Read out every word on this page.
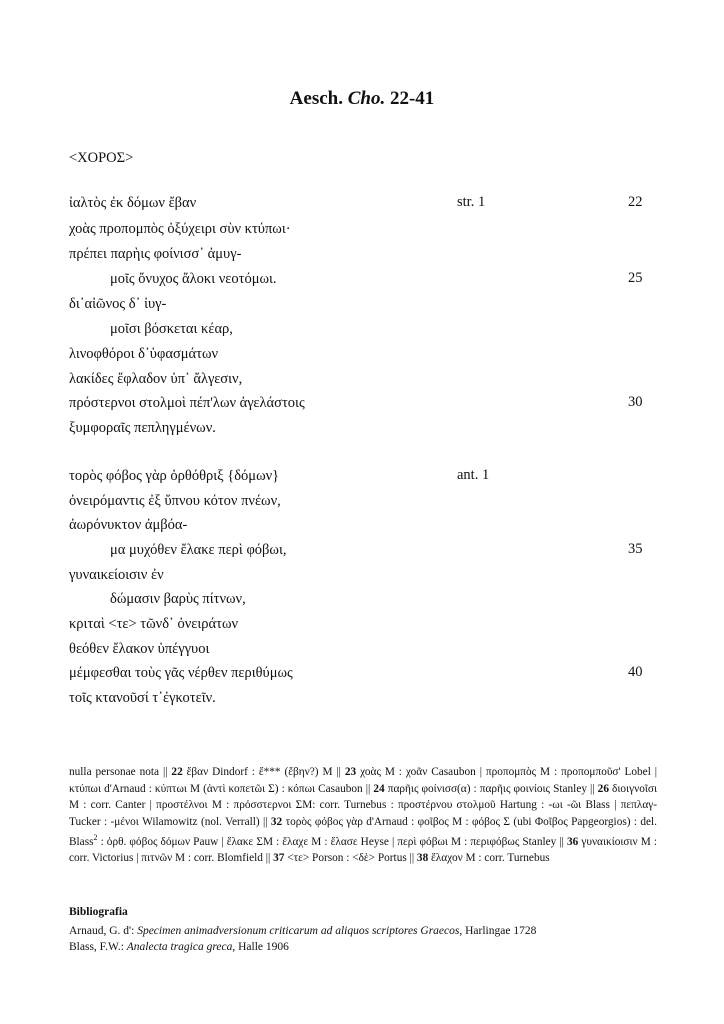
Aesch. Cho. 22-41
<ΧΟΡΟΣ>
ἰαλτὸς ἐκ δόμων ἔβαν
χοὰς προπομπὸς ὀξύχειρι σὺν κτύπωι·
πρέπει παρὴις φοίνισσ᾽ ἀμυγ-
μοῖς ὄνυχος ἄλοκι νεοτόμωι.
δι᾽αἰῶνος δ᾽ ἰυγ-
μοῖσι βόσκεται κέαρ,
λινοφθόροι δ᾽ὑφασμάτων
λακίδες ἔφλαδον ὑπ᾽ ἄλγεσιν,
πρόστερνοι στολμοὶ πέπ'λων ἀγελάστοις
ξυμφοραῖς πεπληγμένων.
τορὸς φόβος γὰρ ὀρθόθριξ {δόμων}
ὀνειρόμαντις ἐξ ὕπνου κότον πνέων,
ἀωρόνυκτον ἀμβόα-
μα μυχόθεν ἔλακε περὶ φόβωι,
γυναικείοισιν ἐν
δώμασιν βαρὺς πίτνων,
κριταὶ <τε> τῶνδ᾽ ὀνειράτων
θεόθεν ἔλακον ὑπέγγυοι
μέμφεσθαι τοὺς γᾶς νέρθεν περιθύμως
τοῖς κτανοῦσί τ᾽ἐγκοτεῖν.
str. 1
ant. 1
22
25
30
35
40
nulla personae nota || 22 ἔβαν Dindorf : ἔ*** (ἔβην?) M || 23 χοὰς M : χοᾶν Casaubon | προπομπὸς M : προπομποῦσ' Lobel | κτύπωι d'Arnaud : κύπτωι M (ἀντὶ κοπετῶι Σ) : κόπωι Casaubon || 24 παρῆις φοίνισσ(α) : παρῆις φοινίοις Stanley || 26 διοιγνοῖσι M : corr. Canter | προστέλνοι M : πρόσστερνοι ΣM: corr. Turnebus : προστέρνου στολμοῦ Hartung : -ωι -ῶι Blass | πεπλαγ- Tucker : -μένοι Wilamowitz (nol. Verrall) || 32 τορὸς φόβος γὰρ d'Arnaud : φοῖβος M : φόβος Σ (ubi Φοῖβος Papgeorgios) : del. Blass$^2$ : ὀρθ. φόβος δόμων Pauw | ἔλακε ΣM : ἔλαχε M : ἔλασε Heyse | περὶ φόβωι M : περιφόβως Stanley || 36 γυναικίοισιν M : corr. Victorius | πιτνῶν M : corr. Blomfield || 37 <τε> Porson : <δὲ> Portus || 38 ἔλαχον M : corr. Turnebus
Bibliografia
Arnaud, G. d': Specimen animadversionum criticarum ad aliquos scriptores Graecos, Harlingae 1728
Blass, F.W.: Analecta tragica greca, Halle 1906
